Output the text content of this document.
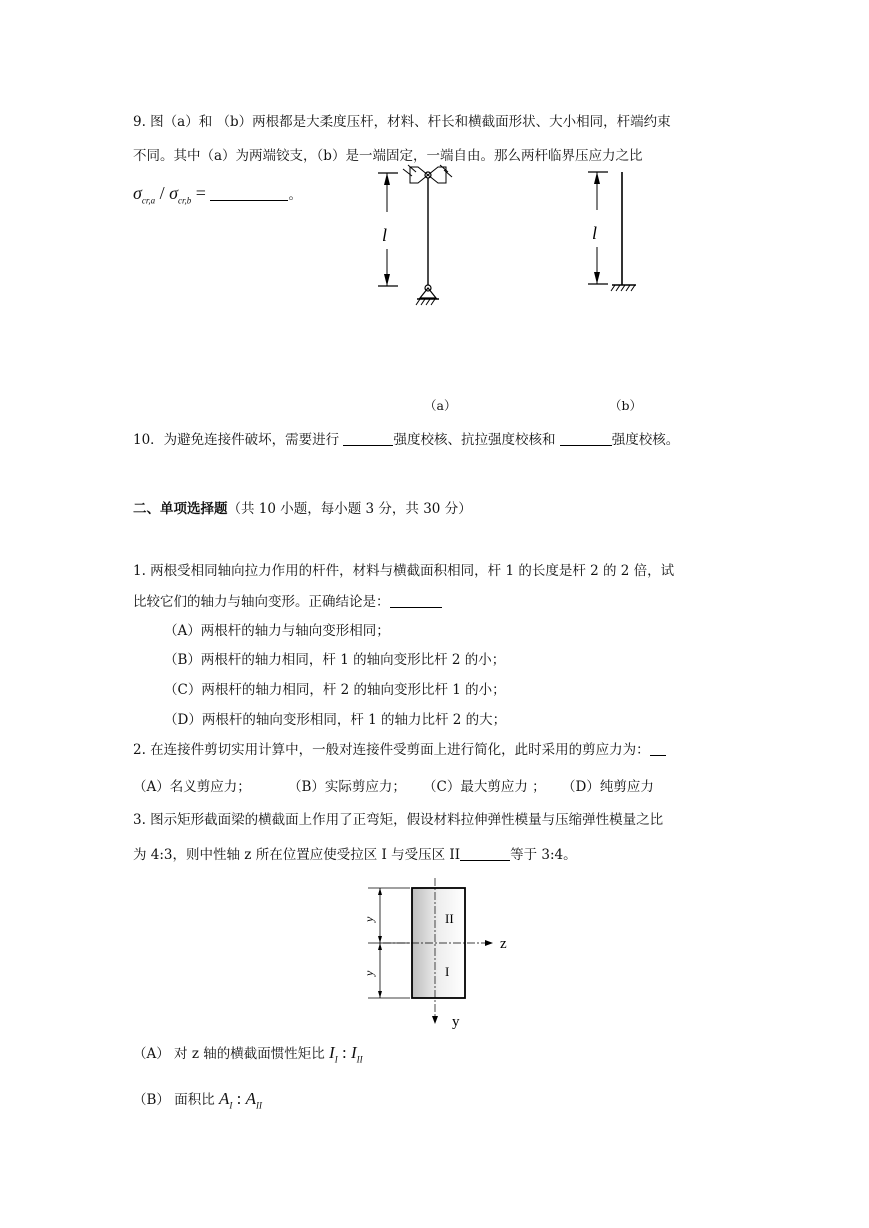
9. 图（a）和 （b）两根都是大柔度压杆，材料、杆长和横截面形状、大小相同，杆端约束
不同。其中（a）为两端铰支，（b）是一端固定，一端自由。那么两杆临界压应力之比
$\sigma_{cr,a} / \sigma_{cr,b}$ =	。
l	l
（a）	（b）
10．为避免连接件破坏，需要进行	强度校核、抗拉强度校核和	强度校核。
二、单项选择题（共 10 小题，每小题 3 分，共 30 分）
1. 两根受相同轴向拉力作用的杆件，材料与横截面积相同，杆 1 的长度是杆 2 的 2 倍，试
比较它们的轴力与轴向变形。正确结论是：
（A）两根杆的轴力与轴向变形相同；
（B）两根杆的轴力相同，杆 1 的轴向变形比杆 2 的小；
（C）两根杆的轴力相同，杆 2 的轴向变形比杆 1 的小；
（D）两根杆的轴向变形相同，杆 1 的轴力比杆 2 的大；
2. 在连接件剪切实用计算中，一般对连接件受剪面上进行简化，此时采用的剪应力为：
（A）名义剪应力；	（B）实际剪应力； （C）最大剪应力 ； （D）纯剪应力
3. 图示矩形截面梁的横截面上作用了正弯矩，假设材料拉伸弹性模量与压缩弹性模量之比
为 4:3，则中性轴 z 所在位置应使受拉区 I 与受压区 II	等于 3:4。
y
y
II
I
z
y
（A） 对 z 轴的横截面惯性矩比 $I_I$ : $I_{II}$
（B） 面积比 $A_I$ : $A_{II}$
